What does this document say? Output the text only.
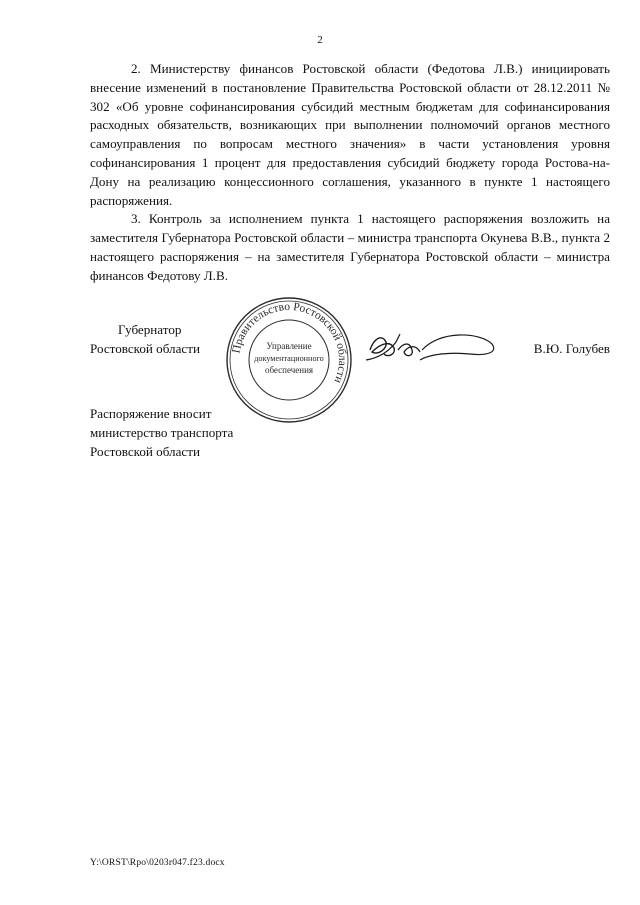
2

2. Министерству финансов Ростовской области (Федотова Л.В.) инициировать внесение изменений в постановление Правительства Ростовской области от 28.12.2011 № 302 «Об уровне софинансирования субсидий местным бюджетам для софинансирования расходных обязательств, возникающих при выполнении полномочий органов местного самоуправления по вопросам местного значения» в части установления уровня софинансирования 1 процент для предоставления субсидий бюджету города Ростова-на-Дону на реализацию концессионного соглашения, указанного в пункте 1 настоящего распоряжения.

3. Контроль за исполнением пункта 1 настоящего распоряжения возложить на заместителя Губернатора Ростовской области – министра транспорта Окунева В.В., пункта 2 настоящего распоряжения – на заместителя Губернатора Ростовской области – министра финансов Федотову Л.В.

Губернатор
Ростовской области	Правительство Ростовской области
Управление
документационного
обеспечения
В.Ю. Голубев
Распоряжение вносит
министерство транспорта
Ростовской области
Y:\ORST\Rpo\0203r047.f23.docx
